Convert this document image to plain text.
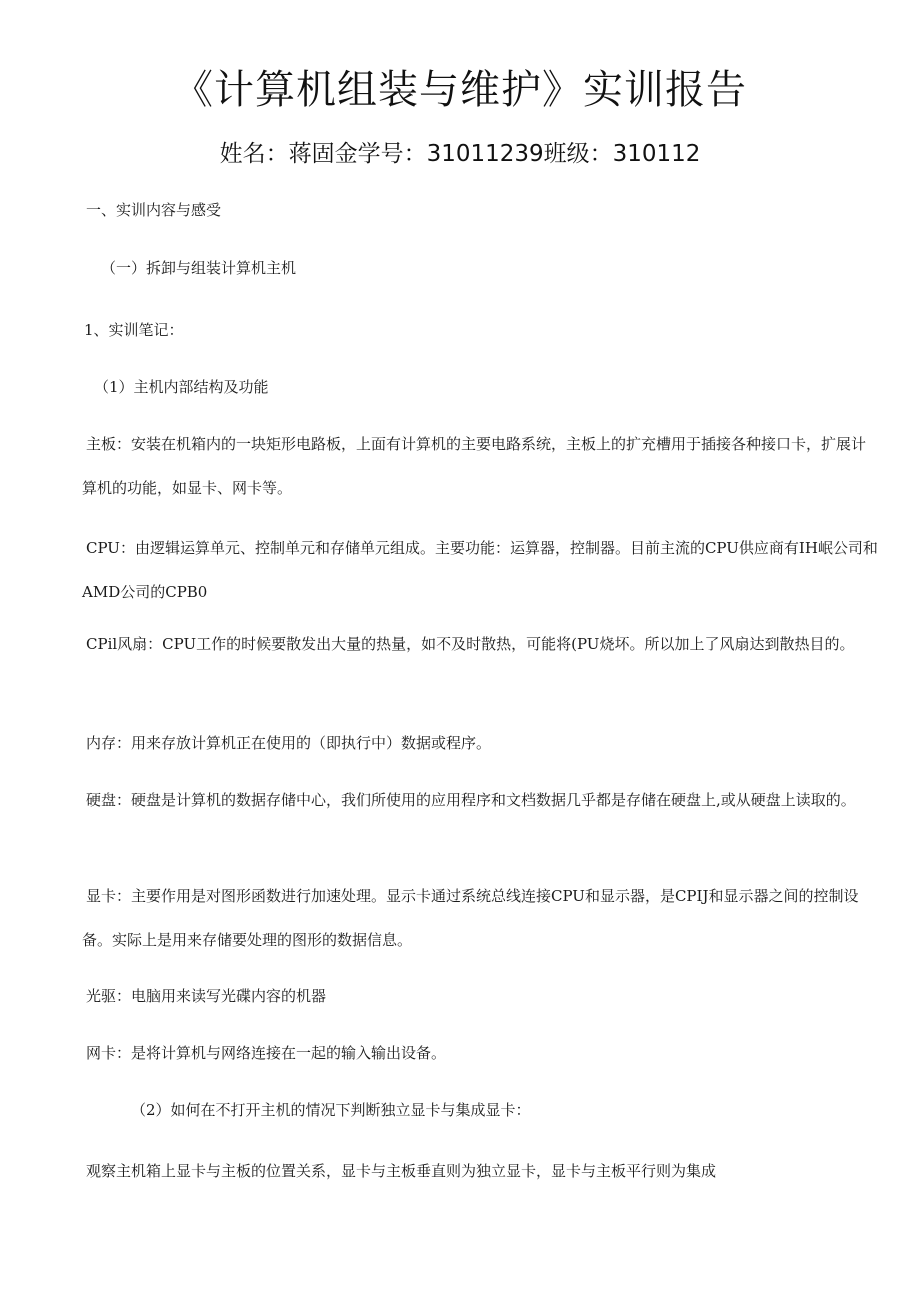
《计算机组装与维护》实训报告
姓名：蒋固金学号：31011239班级：310112
一、实训内容与感受
（一）拆卸与组装计算机主机
1、实训笔记：
（1）主机内部结构及功能
主板：安装在机箱内的一块矩形电路板，上面有计算机的主要电路系统，主板上的扩充槽用于插接各种接口卡，扩展计算机的功能，如显卡、网卡等。
CPU：由逻辑运算单元、控制单元和存储单元组成。主要功能：运算器，控制器。目前主流的CPU供应商有IH岷公司和AMD公司的CPB0
CPil风扇：CPU工作的时候要散发出大量的热量，如不及时散热，可能将(PU烧坏。所以加上了风扇达到散热目的。
内存：用来存放计算机正在使用的（即执行中）数据或程序。
硬盘：硬盘是计算机的数据存储中心，我们所使用的应用程序和文档数据几乎都是存储在硬盘上,或从硬盘上读取的。
显卡：主要作用是对图形函数进行加速处理。显示卡通过系统总线连接CPU和显示器，是CPIJ和显示器之间的控制设备。实际上是用来存储要处理的图形的数据信息。
光驱：电脑用来读写光碟内容的机器
网卡：是将计算机与网络连接在一起的输入输出设备。
（2）如何在不打开主机的情况下判断独立显卡与集成显卡：
观察主机箱上显卡与主板的位置关系，显卡与主板垂直则为独立显卡，显卡与主板平行则为集成
